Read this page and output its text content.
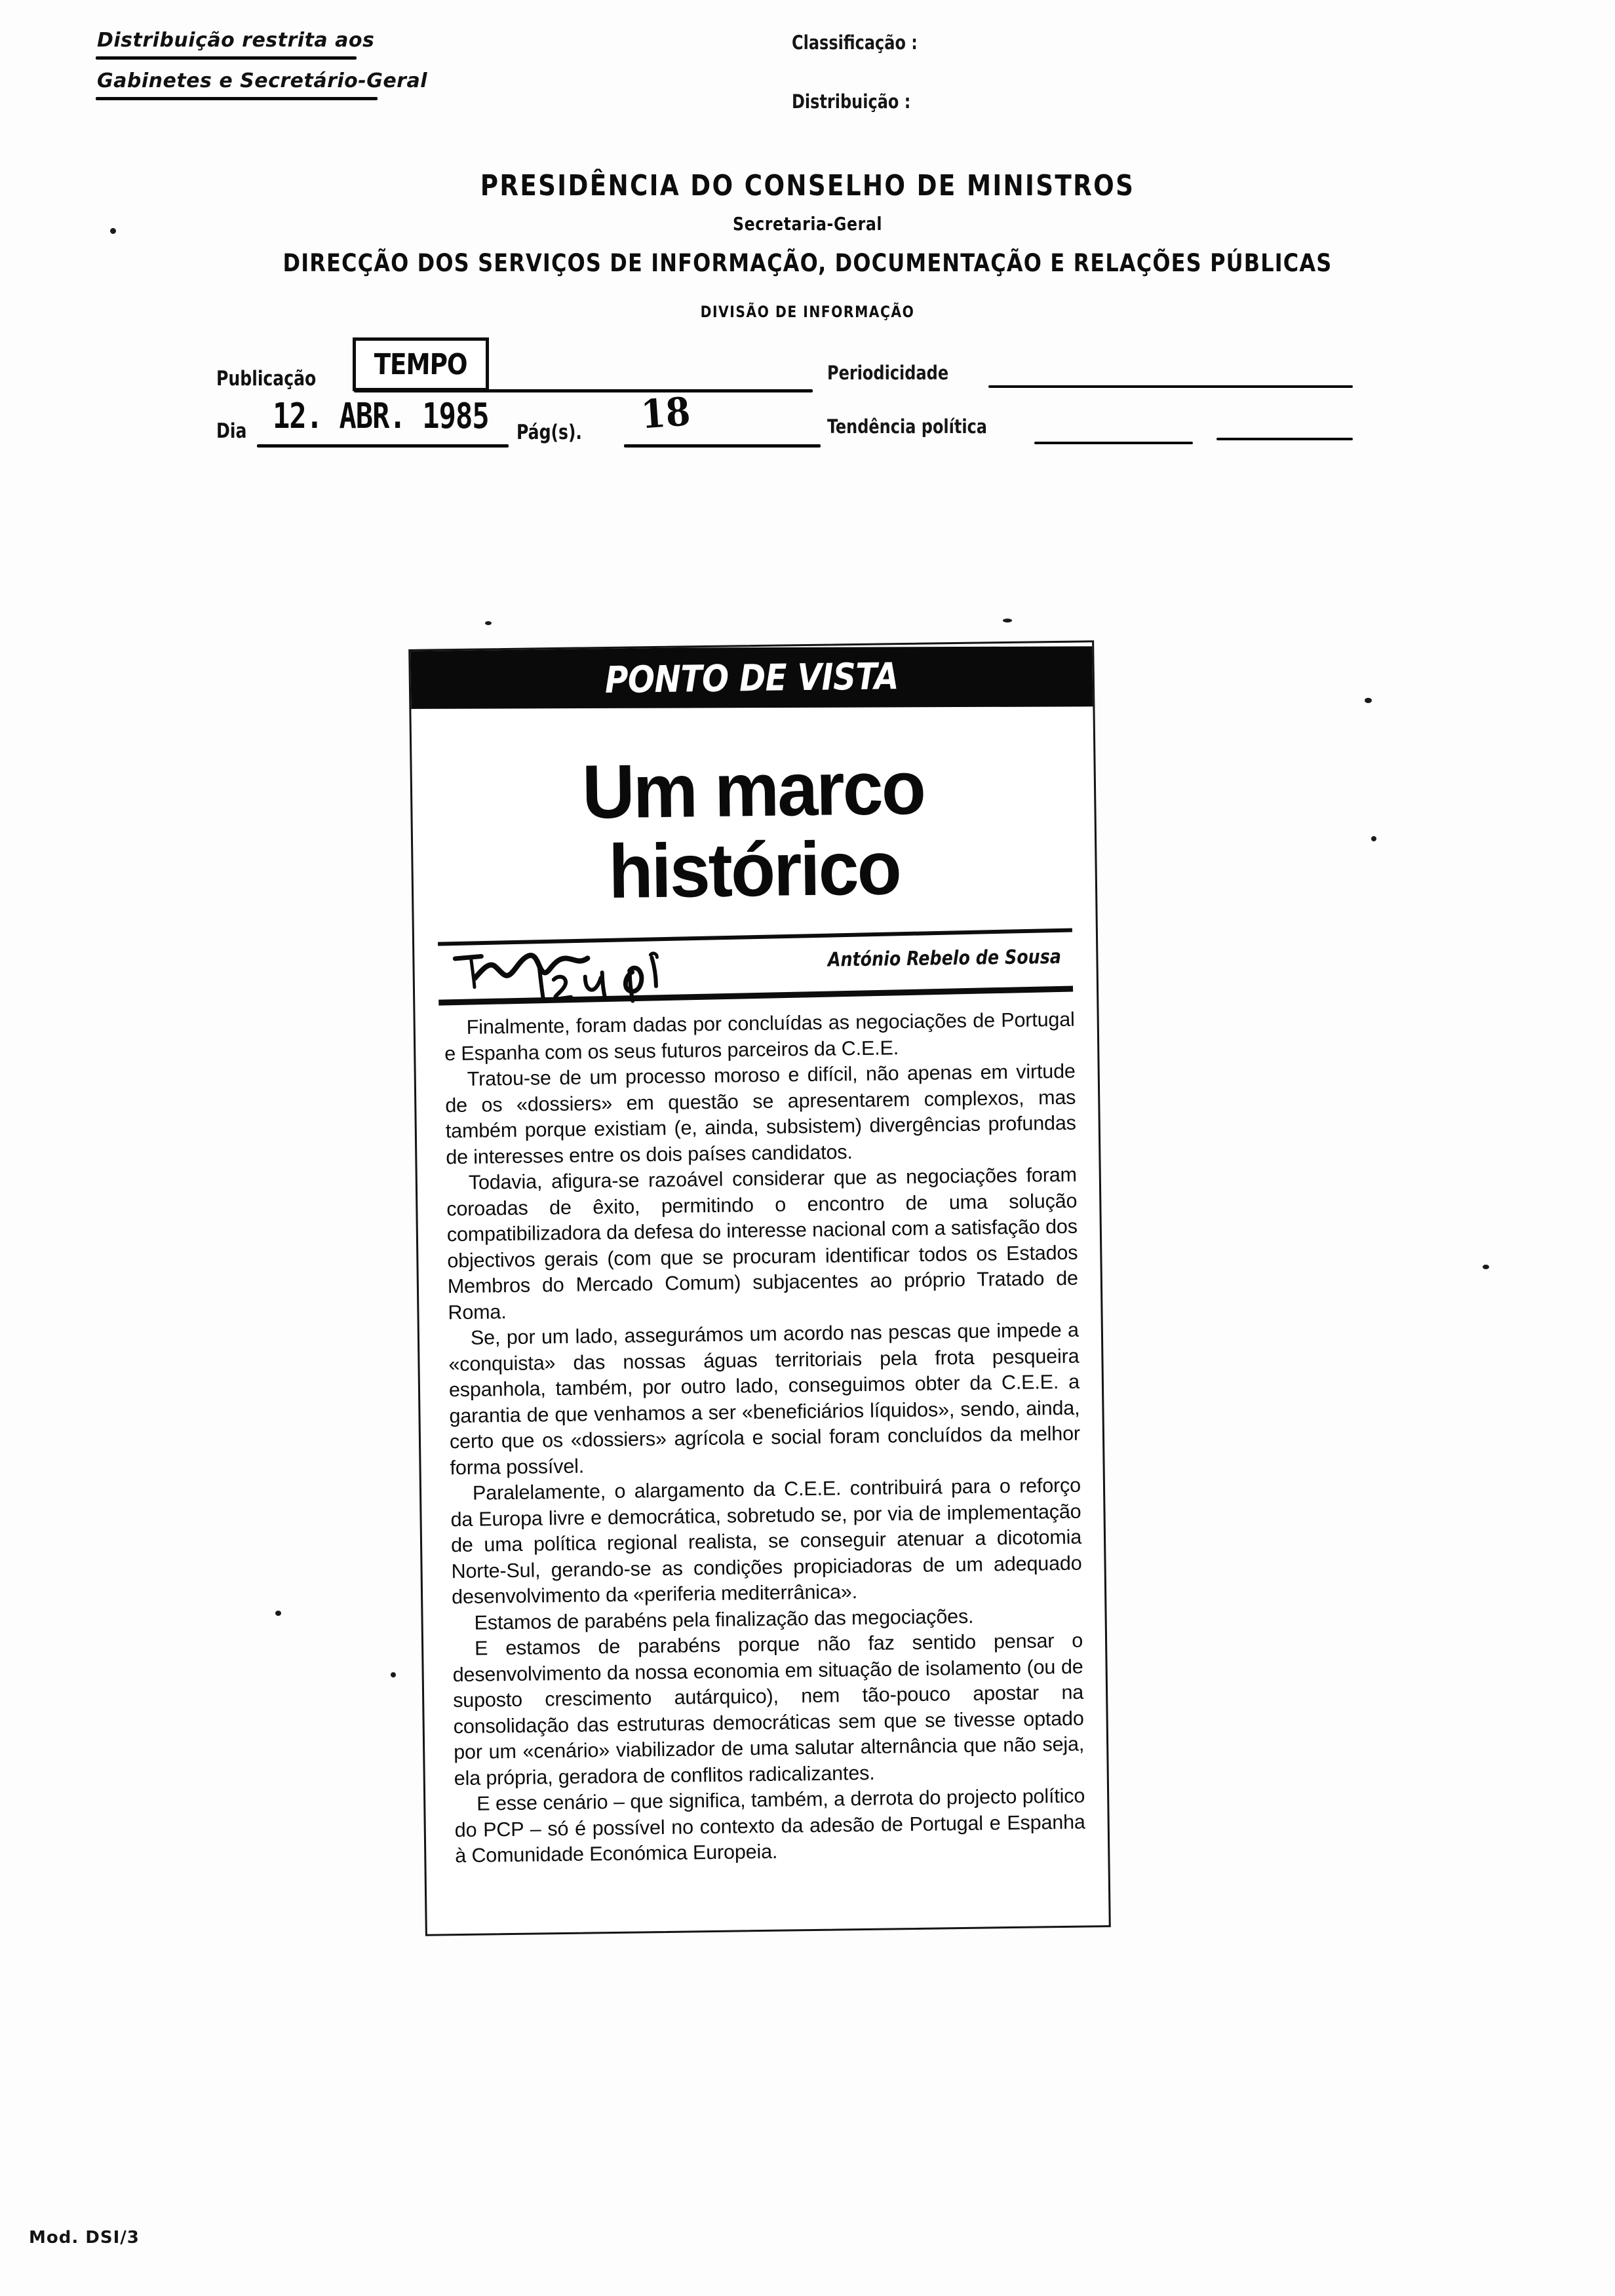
Distribuição restrita aos
Gabinetes e Secretário-Geral
Classificação :
Distribuição :
PRESIDÊNCIA DO CONSELHO DE MINISTROS
Secretaria-Geral
DIRECÇÃO DOS SERVIÇOS DE INFORMAÇÃO, DOCUMENTAÇÃO E RELAÇÕES PÚBLICAS
DIVISÃO DE INFORMAÇÃO
Publicação TEMPO	Periodicidade
Dia 12. ABR. 1985 Pág(s). 18	Tendência política
PONTO DE VISTA
Um marco
histórico
António Rebelo de Sousa

Finalmente, foram dadas por concluídas as negociações de Portugal e Espanha com os seus futuros parceiros da C.E.E.

Tratou-se de um processo moroso e difícil, não apenas em virtude de os «dossiers» em questão se apresentarem complexos, mas também porque existiam (e, ainda, subsistem) divergências profundas de interesses entre os dois países candidatos.

Todavia, afigura-se razoável considerar que as negociações foram coroadas de êxito, permitindo o encontro de uma solução compatibilizadora da defesa do interesse nacional com a satisfação dos objectivos gerais (com que se procuram identificar todos os Estados Membros do Mercado Comum) subjacentes ao próprio Tratado de Roma.

Se, por um lado, assegurámos um acordo nas pescas que impede a «conquista» das nossas águas territoriais pela frota pesqueira espanhola, também, por outro lado, conseguimos obter da C.E.E. a garantia de que venhamos a ser «beneficiários líquidos», sendo, ainda, certo que os «dossiers» agrícola e social foram concluídos da melhor forma possível.

Paralelamente, o alargamento da C.E.E. contribuirá para o reforço da Europa livre e democrática, sobretudo se, por via de implementação de uma política regional realista, se conseguir atenuar a dicotomia Norte-Sul, gerando-se as condições propiciadoras de um adequado desenvolvimento da «periferia mediterrânica».

Estamos de parabéns pela finalização das megociações.

E estamos de parabéns porque não faz sentido pensar o desenvolvimento da nossa economia em situação de isolamento (ou de suposto crescimento autárquico), nem tão-pouco apostar na consolidação das estruturas democráticas sem que se tivesse optado por um «cenário» viabilizador de uma salutar alternância que não seja, ela própria, geradora de conflitos radicalizantes.

E esse cenário – que significa, também, a derrota do projecto político do PCP – só é possível no contexto da adesão de Portugal e Espanha à Comunidade Económica Europeia.

Mod. DSI/3
